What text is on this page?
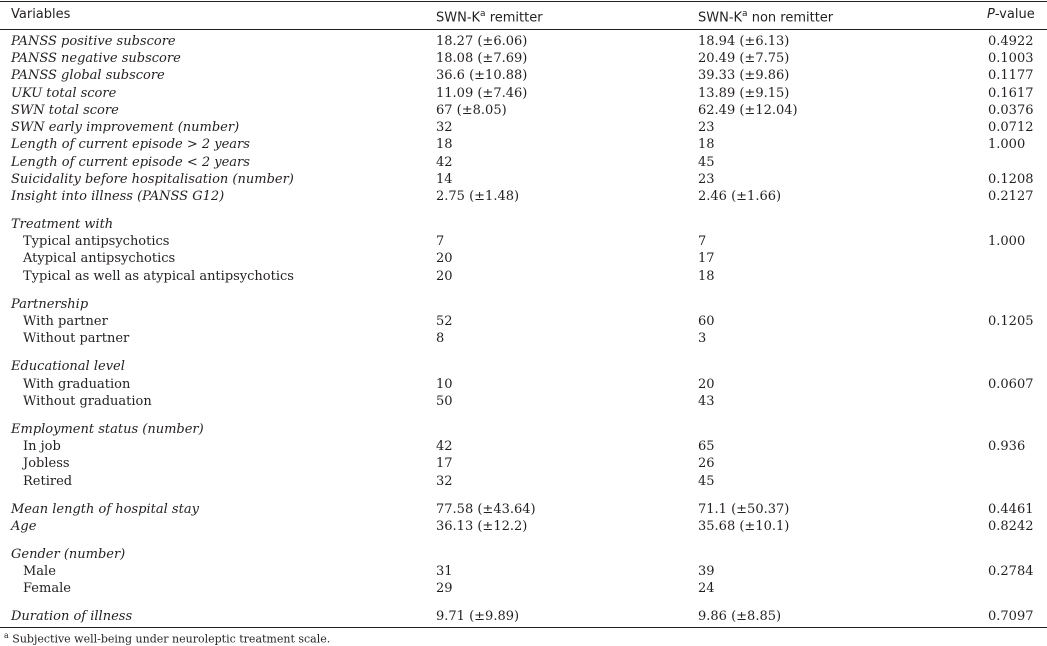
Variables	SWN-$K^a$ remitter	SWN-$K^a$ non remitter	P-value
PANSS positive subscore	18.27 (±6.06)	18.94 (±6.13)	0.4922
PANSS negative subscore	18.08 (±7.69)	20.49 (±7.75)	0.1003
PANSS global subscore	36.6 (±10.88)	39.33 (±9.86)	0.1177
UKU total score	11.09 (±7.46)	13.89 (±9.15)	0.1617
SWN total score	67 (±8.05)	62.49 (±12.04)	0.0376
SWN early improvement (number)	32	23	0.0712
Length of current episode > 2 years	18	18	1.000
Length of current episode < 2 years	42	45
Suicidality before hospitalisation (number)	14	23	0.1208
Insight into illness (PANSS G12)	2.75 (±1.48)	2.46 (±1.66)	0.2127
Treatment with
Typical antipsychotics	7	7	1.000
Atypical antipsychotics	20	17
Typical as well as atypical antipsychotics	20	18
Partnership
With partner	52	60	0.1205
Without partner	8	3
Educational level
With graduation	10	20	0.0607
Without graduation	50	43
Employment status (number)
In job	42	65	0.936
Jobless	17	26
Retired	32	45
Mean length of hospital stay	77.58 (±43.64)	71.1 (±50.37)	0.4461
Age	36.13 (±12.2)	35.68 (±10.1)	0.8242
Gender (number)
Male	31	39	0.2784
Female	29	24
Duration of illness	9.71 (±9.89)	9.86 (±8.85)	0.7097
$^a$ Subjective well-being under neuroleptic treatment scale.
